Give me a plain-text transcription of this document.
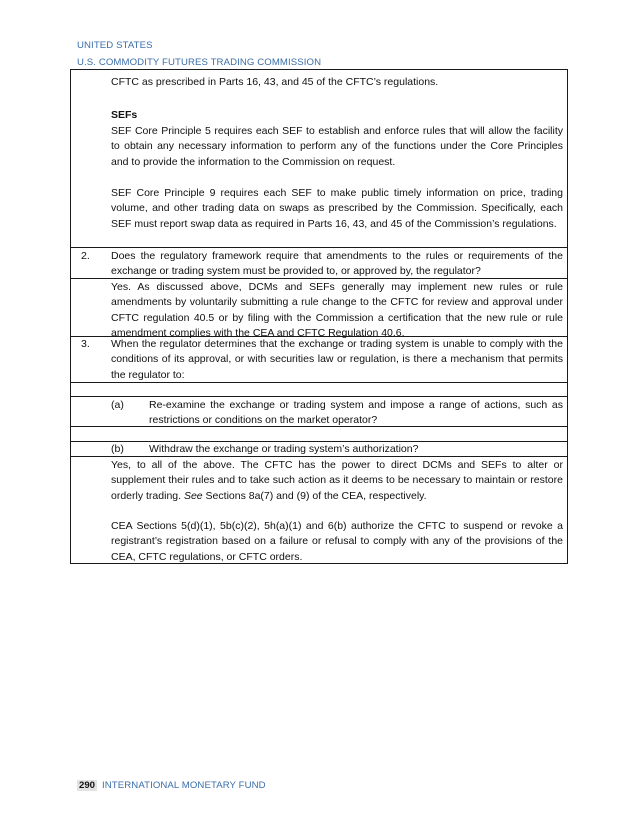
UNITED STATES
U.S. COMMODITY FUTURES TRADING COMMISSION
CFTC as prescribed in Parts 16, 43, and 45 of the CFTC’s regulations.
SEFs
SEF Core Principle 5 requires each SEF to establish and enforce rules that will allow the facility to obtain any necessary information to perform any of the functions under the Core Principles and to provide the information to the Commission on request.
SEF Core Principle 9 requires each SEF to make public timely information on price, trading volume, and other trading data on swaps as prescribed by the Commission. Specifically, each SEF must report swap data as required in Parts 16, 43, and 45 of the Commission’s regulations.
2.	Does the regulatory framework require that amendments to the rules or requirements of the exchange or trading system must be provided to, or approved by, the regulator?
Yes. As discussed above, DCMs and SEFs generally may implement new rules or rule amendments by voluntarily submitting a rule change to the CFTC for review and approval under CFTC regulation 40.5 or by filing with the Commission a certification that the new rule or rule amendment complies with the CEA and CFTC Regulation 40.6.
3.	When the regulator determines that the exchange or trading system is unable to comply with the conditions of its approval, or with securities law or regulation, is there a mechanism that permits the regulator to:
(a)	Re-examine the exchange or trading system and impose a range of actions, such as restrictions or conditions on the market operator?
(b)	Withdraw the exchange or trading system’s authorization?
Yes, to all of the above. The CFTC has the power to direct DCMs and SEFs to alter or supplement their rules and to take such action as it deems to be necessary to maintain or restore orderly trading. See Sections 8a(7) and (9) of the CEA, respectively.
CEA Sections 5(d)(1), 5b(c)(2), 5h(a)(1) and 6(b) authorize the CFTC to suspend or revoke a registrant’s registration based on a failure or refusal to comply with any of the provisions of the CEA, CFTC regulations, or CFTC orders.
290 INTERNATIONAL MONETARY FUND
